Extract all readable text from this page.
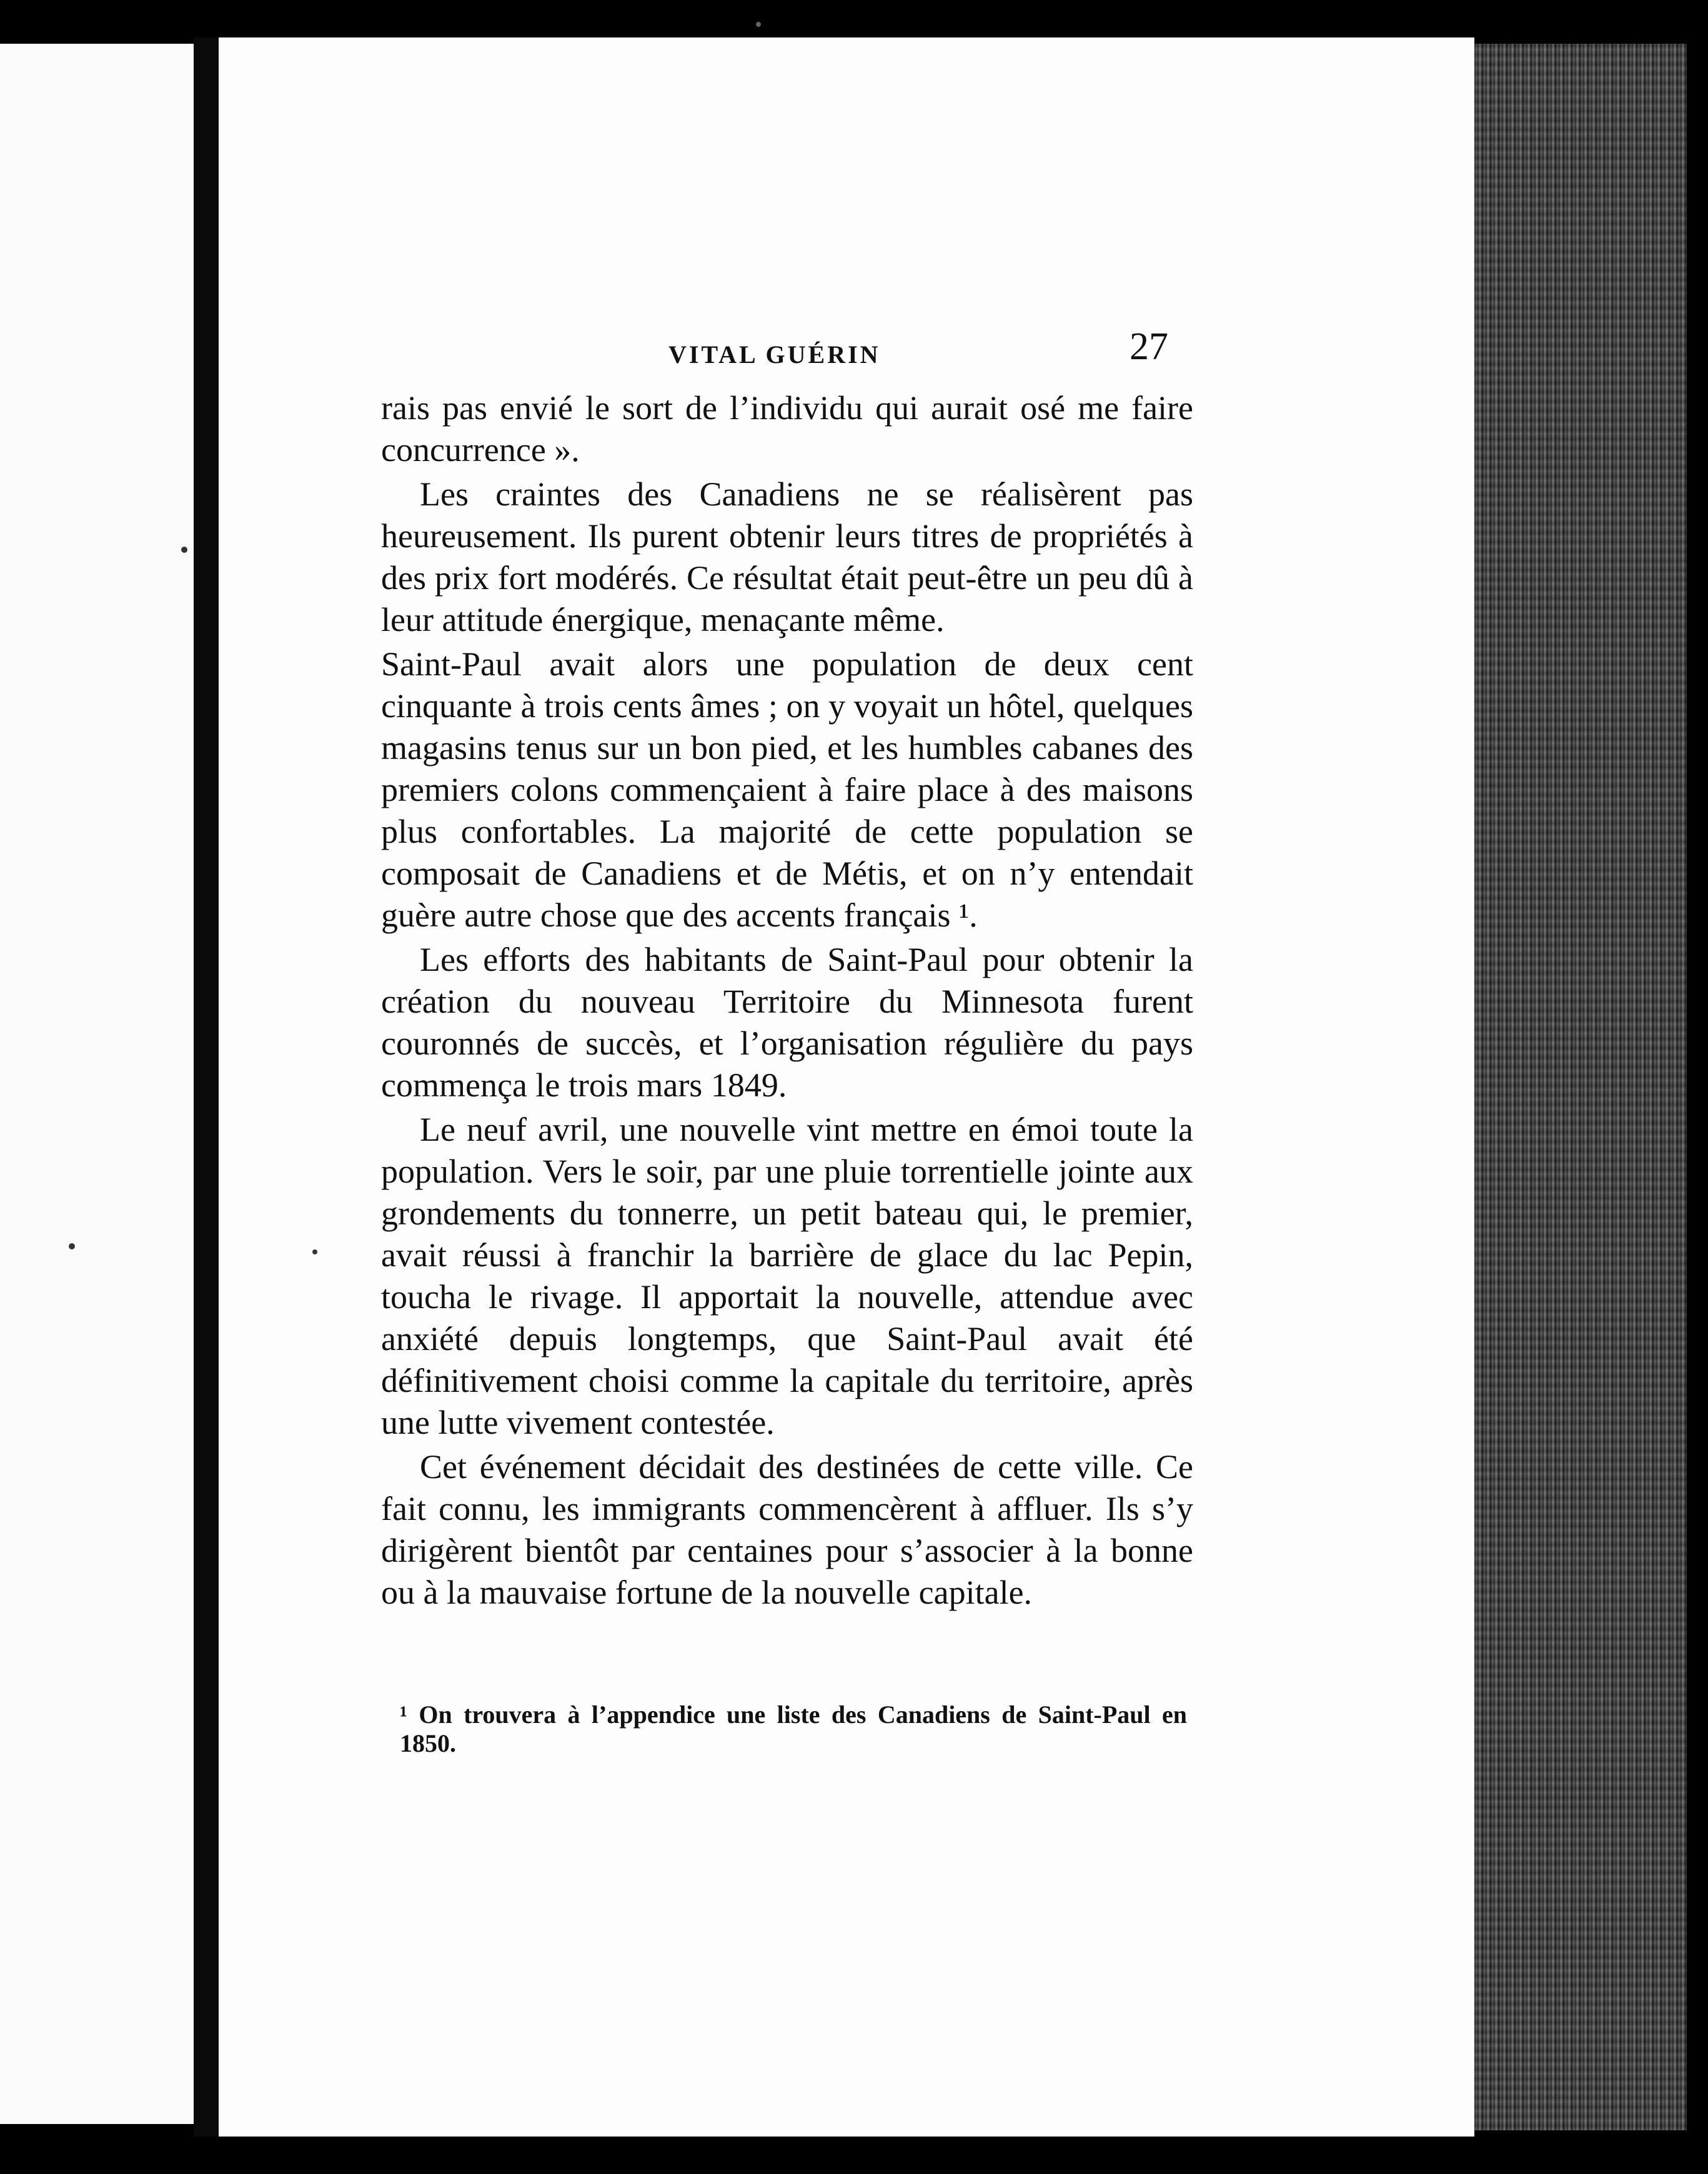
VITAL GUÉRIN	27

rais pas envié le sort de l’individu qui aurait osé me faire concurrence ».

Les craintes des Canadiens ne se réalisèrent pas heureusement. Ils purent obtenir leurs titres de propriétés à des prix fort modérés. Ce résultat était peut-être un peu dû à leur attitude énergique, menaçante même.

Saint-Paul avait alors une population de deux cent cinquante à trois cents âmes ; on y voyait un hôtel, quelques magasins tenus sur un bon pied, et les humbles cabanes des premiers colons commençaient à faire place à des maisons plus confortables. La majorité de cette population se composait de Canadiens et de Métis, et on n’y entendait guère autre chose que des accents français ¹.

Les efforts des habitants de Saint-Paul pour obtenir la création du nouveau Territoire du Minnesota furent couronnés de succès, et l’organisation régulière du pays commença le trois mars 1849.

Le neuf avril, une nouvelle vint mettre en émoi toute la population. Vers le soir, par une pluie torrentielle jointe aux grondements du tonnerre, un petit bateau qui, le premier, avait réussi à franchir la barrière de glace du lac Pepin, toucha le rivage. Il apportait la nouvelle, attendue avec anxiété depuis longtemps, que Saint-Paul avait été définitivement choisi comme la capitale du territoire, après une lutte vivement contestée.

Cet événement décidait des destinées de cette ville. Ce fait connu, les immigrants commencèrent à affluer. Ils s’y dirigèrent bientôt par centaines pour s’associer à la bonne ou à la mauvaise fortune de la nouvelle capitale.

¹ On trouvera à l’appendice une liste des Canadiens de Saint-Paul en 1850.
